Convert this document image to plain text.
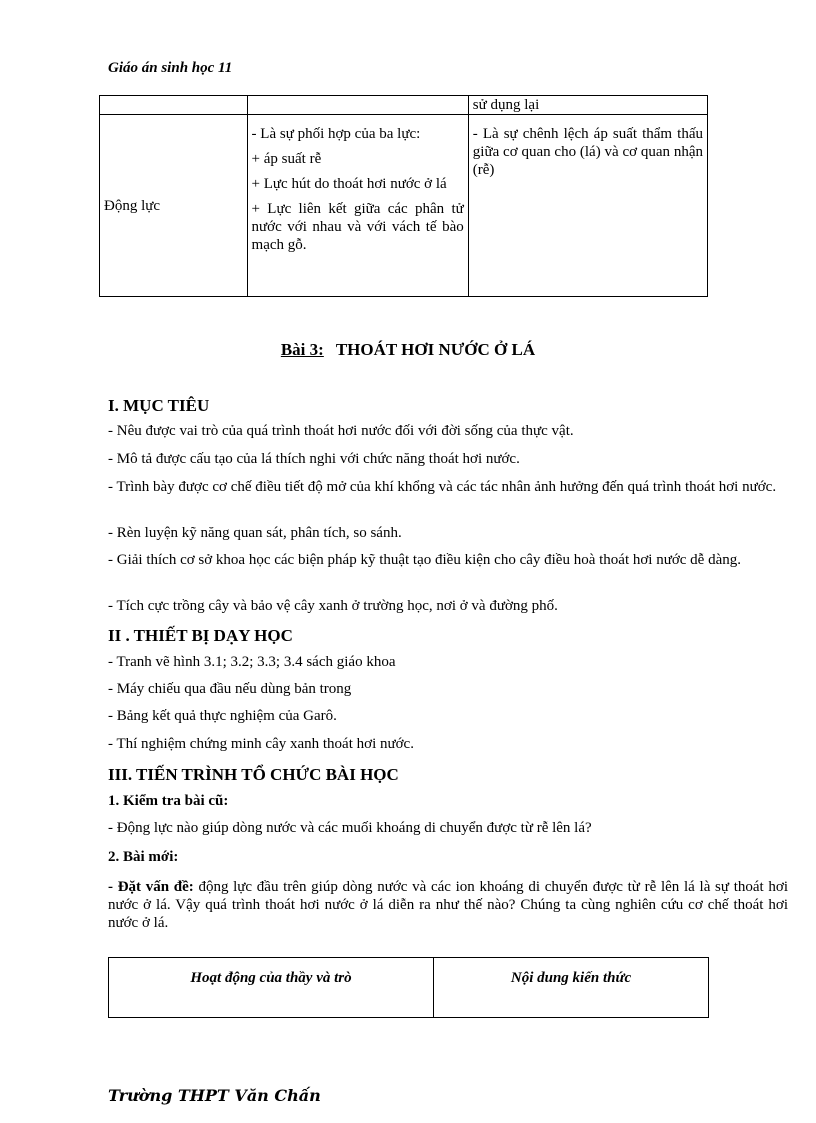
Giáo án sinh học 11
		sử dụng lại
Động lực	- Là sự phối hợp của ba lực:

+ áp suất rễ

+ Lực hút do thoát hơi nước ở lá

+ Lực liên kết giữa các phân tử nước với nhau và với vách tế bào mạch gỗ.	- Là sự chênh lệch áp suất thẩm thấu giữa cơ quan cho (lá) và cơ quan nhận (rễ)

Bài 3: THOÁT HƠI NƯỚC Ở LÁ
I. MỤC TIÊU
- Nêu được vai trò của quá trình thoát hơi nước đối với đời sống của thực vật.
- Mô tả được cấu tạo của lá thích nghi với chức năng thoát hơi nước.
- Trình bày được cơ chế điều tiết độ mở của khí khổng và các tác nhân ảnh hưởng đến quá trình thoát hơi nước.
- Rèn luyện kỹ năng quan sát, phân tích, so sánh.
- Giải thích cơ sở khoa học các biện pháp kỹ thuật tạo điều kiện cho cây điều hoà thoát hơi nước dễ dàng.
- Tích cực trồng cây và bảo vệ cây xanh ở trường học, nơi ở và đường phố.
II . THIẾT BỊ DẠY HỌC
- Tranh vẽ hình 3.1; 3.2; 3.3; 3.4 sách giáo khoa
- Máy chiếu qua đầu nếu dùng bản trong
- Bảng kết quả thực nghiệm của Garô.
- Thí nghiệm chứng minh cây xanh thoát hơi nước.
III. TIẾN TRÌNH TỔ CHỨC BÀI HỌC
1. Kiểm tra bài cũ:
- Động lực nào giúp dòng nước và các muối khoáng di chuyển được từ rễ lên lá?
2. Bài mới:
- Đặt vấn đề: động lực đầu trên giúp dòng nước và các ion khoáng di chuyển được từ rễ lên lá là sự thoát hơi nước ở lá. Vậy quá trình thoát hơi nước ở lá diễn ra như thế nào? Chúng ta cùng nghiên cứu cơ chế thoát hơi nước ở lá.
Hoạt động của thầy và trò	Nội dung kiến thức
Trường THPT Văn Chấn
